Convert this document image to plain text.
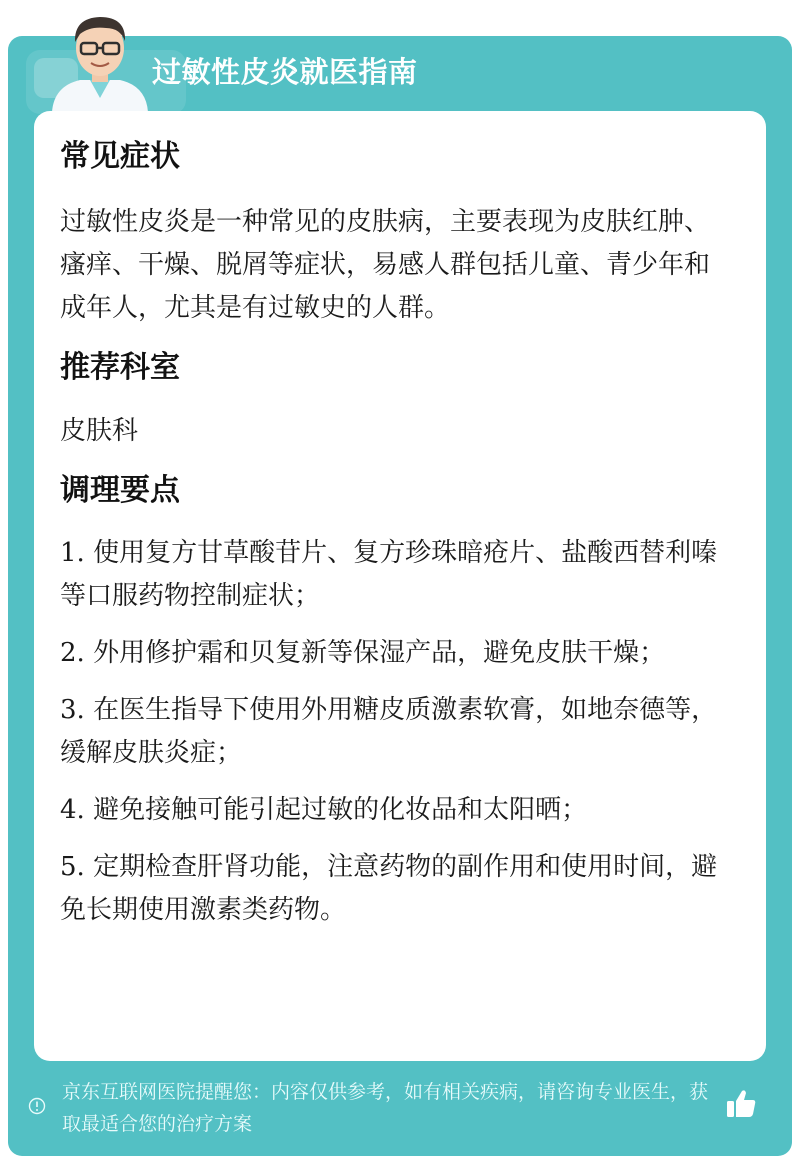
过敏性皮炎就医指南
常见症状

过敏性皮炎是一种常见的皮肤病，主要表现为皮肤红肿、瘙痒、干燥、脱屑等症状，易感人群包括儿童、青少年和成年人，尤其是有过敏史的人群。

推荐科室

皮肤科

调理要点

1. 使用复方甘草酸苷片、复方珍珠暗疮片、盐酸西替利嗪等口服药物控制症状；

2. 外用修护霜和贝复新等保湿产品，避免皮肤干燥；

3. 在医生指导下使用外用糖皮质激素软膏，如地奈德等，缓解皮肤炎症；

4. 避免接触可能引起过敏的化妆品和太阳晒；

5. 定期检查肝肾功能，注意药物的副作用和使用时间，避免长期使用激素类药物。

京东互联网医院提醒您：内容仅供参考，如有相关疾病，请咨询专业医生，获取最适合您的治疗方案
